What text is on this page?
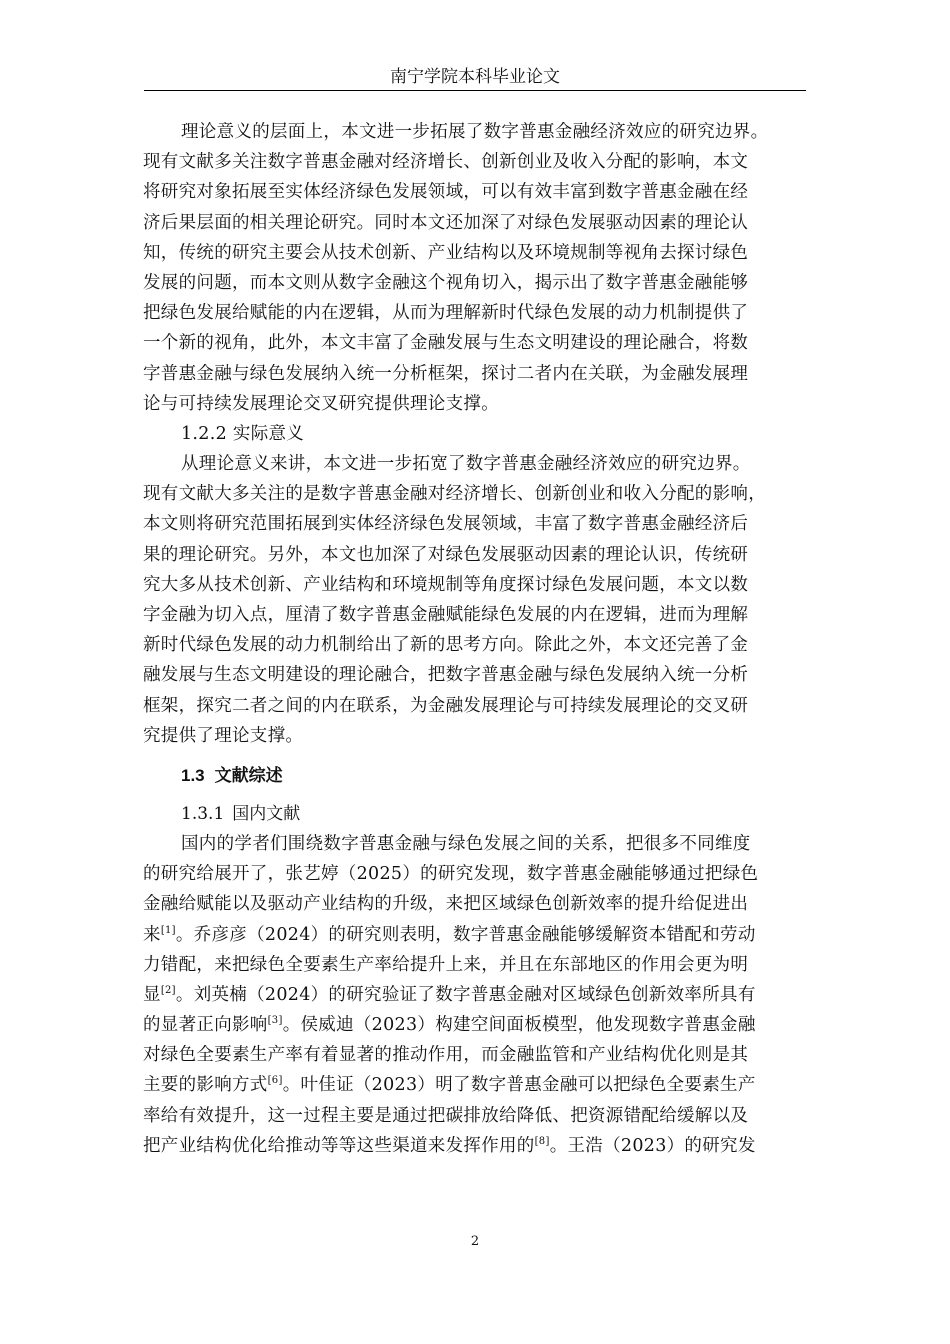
南宁学院本科毕业论文
理论意义的层面上，本文进一步拓展了数字普惠金融经济效应的研究边界。
现有文献多关注数字普惠金融对经济增长、创新创业及收入分配的影响，本文
将研究对象拓展至实体经济绿色发展领域，可以有效丰富到数字普惠金融在经
济后果层面的相关理论研究。同时本文还加深了对绿色发展驱动因素的理论认
知，传统的研究主要会从技术创新、产业结构以及环境规制等视角去探讨绿色
发展的问题，而本文则从数字金融这个视角切入，揭示出了数字普惠金融能够
把绿色发展给赋能的内在逻辑，从而为理解新时代绿色发展的动力机制提供了
一个新的视角，此外，本文丰富了金融发展与生态文明建设的理论融合，将数
字普惠金融与绿色发展纳入统一分析框架，探讨二者内在关联，为金融发展理
论与可持续发展理论交叉研究提供理论支撑。
1.2.2 实际意义
从理论意义来讲，本文进一步拓宽了数字普惠金融经济效应的研究边界。
现有文献大多关注的是数字普惠金融对经济增长、创新创业和收入分配的影响，
本文则将研究范围拓展到实体经济绿色发展领域，丰富了数字普惠金融经济后
果的理论研究。另外，本文也加深了对绿色发展驱动因素的理论认识，传统研
究大多从技术创新、产业结构和环境规制等角度探讨绿色发展问题，本文以数
字金融为切入点，厘清了数字普惠金融赋能绿色发展的内在逻辑，进而为理解
新时代绿色发展的动力机制给出了新的思考方向。除此之外，本文还完善了金
融发展与生态文明建设的理论融合，把数字普惠金融与绿色发展纳入统一分析
框架，探究二者之间的内在联系，为金融发展理论与可持续发展理论的交叉研
究提供了理论支撑。
1.3 文献综述
1.3.1 国内文献
国内的学者们围绕数字普惠金融与绿色发展之间的关系，把很多不同维度
的研究给展开了，张艺婷（2025）的研究发现，数字普惠金融能够通过把绿色
金融给赋能以及驱动产业结构的升级，来把区域绿色创新效率的提升给促进出
来[1]。乔彦彦（2024）的研究则表明，数字普惠金融能够缓解资本错配和劳动
力错配，来把绿色全要素生产率给提升上来，并且在东部地区的作用会更为明
显[2]。刘英楠（2024）的研究验证了数字普惠金融对区域绿色创新效率所具有
的显著正向影响[3]。侯威迪（2023）构建空间面板模型，他发现数字普惠金融
对绿色全要素生产率有着显著的推动作用，而金融监管和产业结构优化则是其
主要的影响方式[6]。叶佳证（2023）明了数字普惠金融可以把绿色全要素生产
率给有效提升，这一过程主要是通过把碳排放给降低、把资源错配给缓解以及
把产业结构优化给推动等等这些渠道来发挥作用的[8]。王浩（2023）的研究发
2
